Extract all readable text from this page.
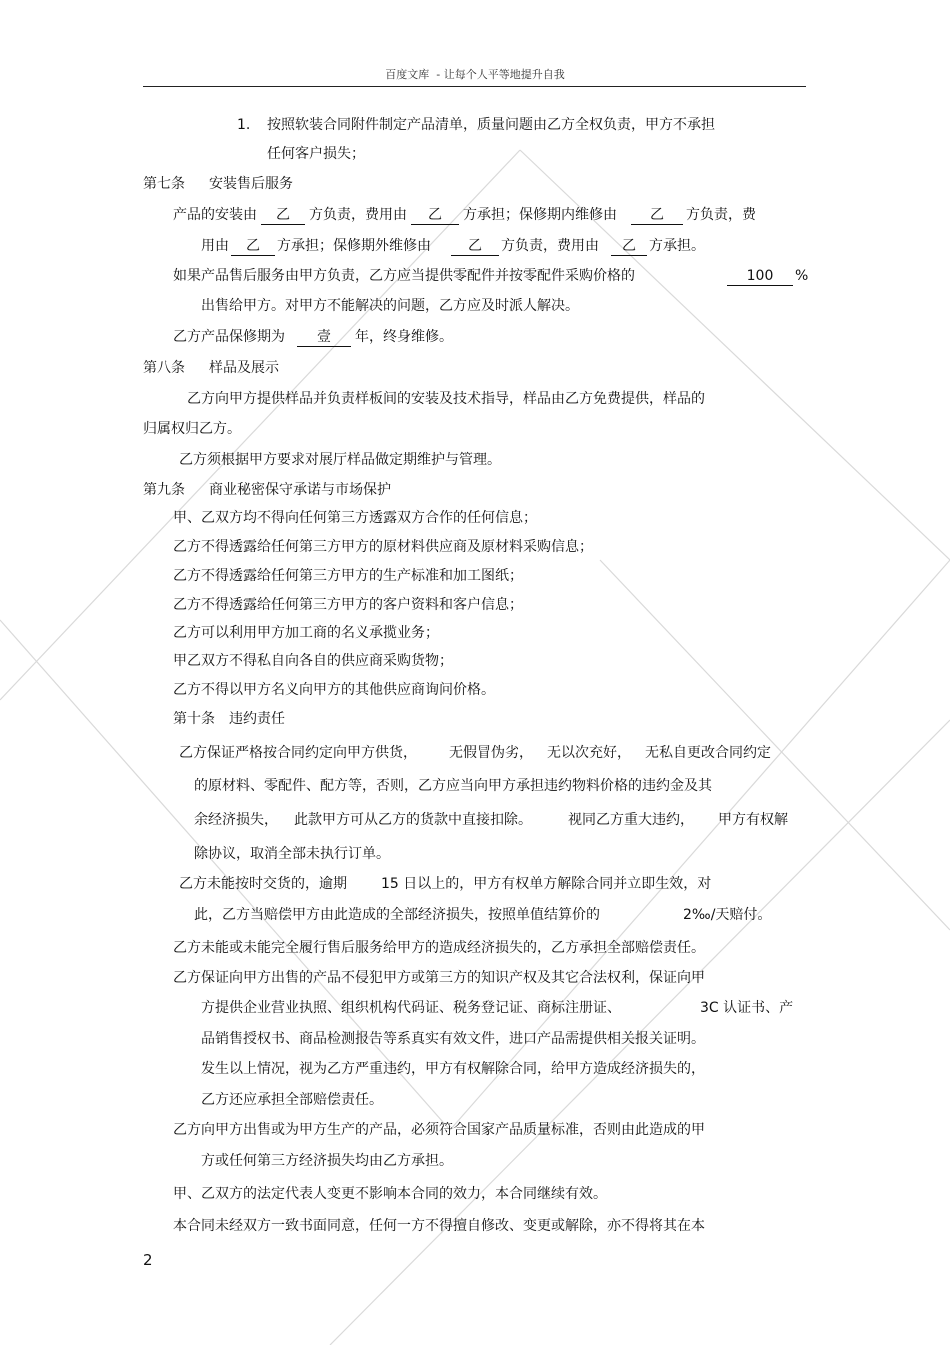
百度文库 - 让每个人平等地提升自我
1. 按照软装合同附件制定产品清单，质量问题由乙方全权负责，甲方不承担
任何客户损失；
第七条 安装售后服务
产品的安装由 乙 方负责，费用由 乙 方承担；保修期内维修由 乙 方负责，费
用由 乙 方承担；保修期外维修由	乙 方负责，费用由 乙 方承担。
如果产品售后服务由甲方负责，乙方应当提供零配件并按零配件采购价格的	100 %
出售给甲方。对甲方不能解决的问题，乙方应及时派人解决。
乙方产品保修期为 壹 年，终身维修。
第八条 样品及展示
乙方向甲方提供样品并负责样板间的安装及技术指导，样品由乙方免费提供，样品的
归属权归乙方。
乙方须根据甲方要求对展厅样品做定期维护与管理。
第九条 商业秘密保守承诺与市场保护
甲、乙双方均不得向任何第三方透露双方合作的任何信息；
乙方不得透露给任何第三方甲方的原材料供应商及原材料采购信息；
乙方不得透露给任何第三方甲方的生产标准和加工图纸；
乙方不得透露给任何第三方甲方的客户资料和客户信息；
乙方可以利用甲方加工商的名义承揽业务；
甲乙双方不得私自向各自的供应商采购货物；
乙方不得以甲方名义向甲方的其他供应商询问价格。
第十条 违约责任
乙方保证严格按合同约定向甲方供货， 无假冒伪劣， 无以次充好， 无私自更改合同约定
的原材料、零配件、配方等，否则，乙方应当向甲方承担违约物料价格的违约金及其
余经济损失， 此款甲方可从乙方的货款中直接扣除。	视同乙方重大违约， 甲方有权解
除协议，取消全部未执行订单。
乙方未能按时交货的，逾期 15 日以上的，甲方有权单方解除合同并立即生效，对
此，乙方当赔偿甲方由此造成的全部经济损失，按照单值结算价的	2‰/天赔付。
乙方未能或未能完全履行售后服务给甲方的造成经济损失的，乙方承担全部赔偿责任。
乙方保证向甲方出售的产品不侵犯甲方或第三方的知识产权及其它合法权利，保证向甲
方提供企业营业执照、组织机构代码证、税务登记证、商标注册证、	3C 认证书、产
品销售授权书、商品检测报告等系真实有效文件，进口产品需提供相关报关证明。
发生以上情况，视为乙方严重违约，甲方有权解除合同，给甲方造成经济损失的，
乙方还应承担全部赔偿责任。
乙方向甲方出售或为甲方生产的产品，必须符合国家产品质量标准，否则由此造成的甲
方或任何第三方经济损失均由乙方承担。
甲、乙双方的法定代表人变更不影响本合同的效力，本合同继续有效。
本合同未经双方一致书面同意，任何一方不得擅自修改、变更或解除，亦不得将其在本
2
